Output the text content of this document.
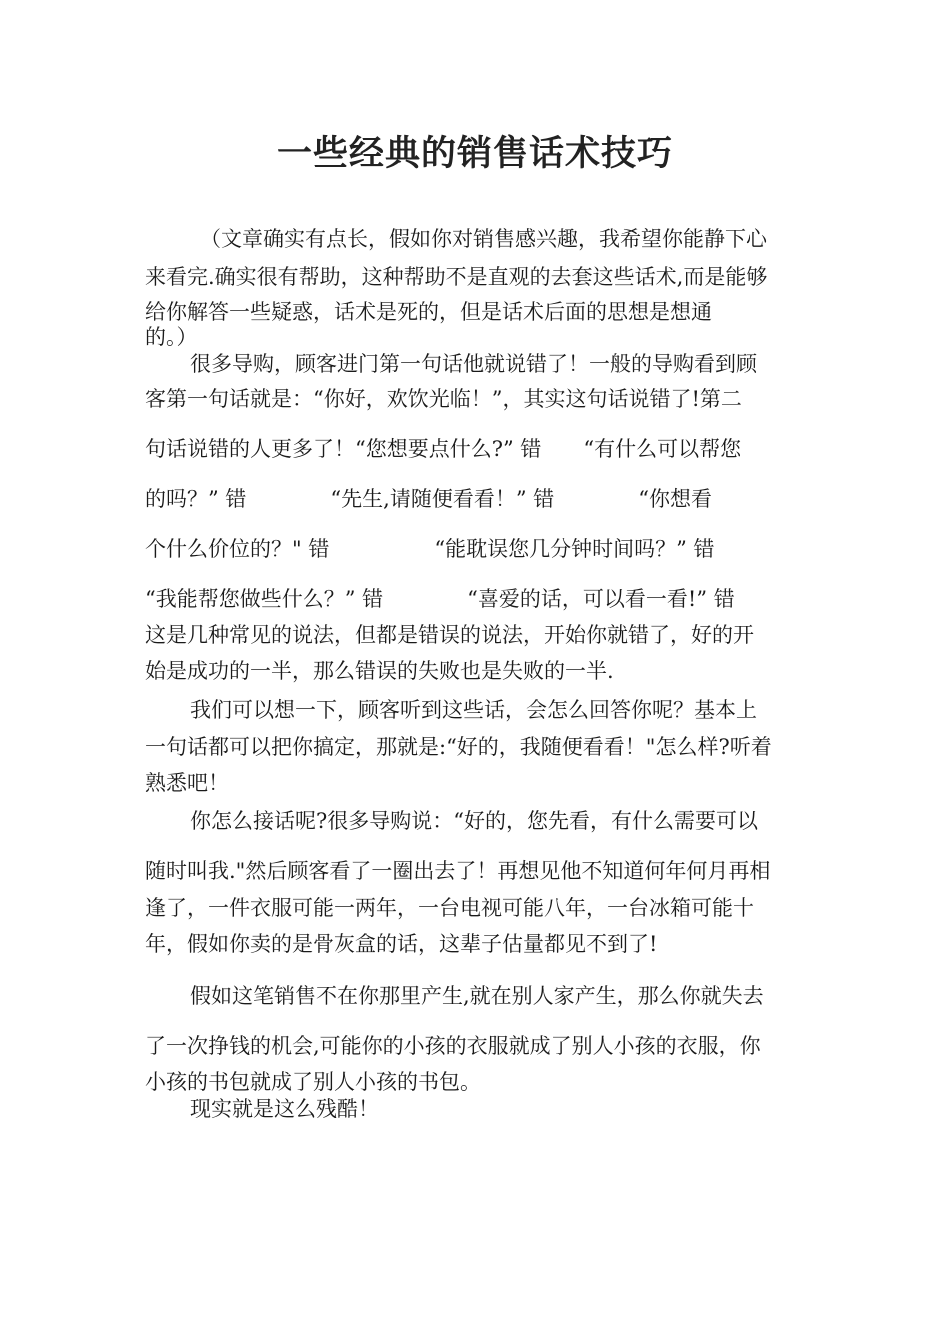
一些经典的销售话术技巧
（文章确实有点长，假如你对销售感兴趣，我希望你能静下心
来看完.确实很有帮助，这种帮助不是直观的去套这些话术,而是能够
给你解答一些疑惑，话术是死的，但是话术后面的思想是想通
的。）
很多导购，顾客进门第一句话他就说错了！一般的导购看到顾
客第一句话就是：“你好，欢饮光临！”，其实这句话说错了!第二
句话说错的人更多了！“您想要点什么?” 错　　“有什么可以帮您
的吗？” 错　　　　“先生,请随便看看！” 错　　　　“你想看
个什么价位的？" 错　　　　　“能耽误您几分钟时间吗？” 错
“我能帮您做些什么？” 错　　　　“喜爱的话，可以看一看!” 错
这是几种常见的说法，但都是错误的说法，开始你就错了，好的开
始是成功的一半，那么错误的失败也是失败的一半.
我们可以想一下，顾客听到这些话，会怎么回答你呢？基本上
一句话都可以把你搞定，那就是:“好的，我随便看看！"怎么样?听着
熟悉吧！
你怎么接话呢?很多导购说：“好的，您先看，有什么需要可以
随时叫我."然后顾客看了一圈出去了！再想见他不知道何年何月再相
逢了，一件衣服可能一两年，一台电视可能八年，一台冰箱可能十
年，假如你卖的是骨灰盒的话，这辈子估量都见不到了!
假如这笔销售不在你那里产生,就在别人家产生，那么你就失去
了一次挣钱的机会,可能你的小孩的衣服就成了别人小孩的衣服，你
小孩的书包就成了别人小孩的书包。
现实就是这么残酷！
